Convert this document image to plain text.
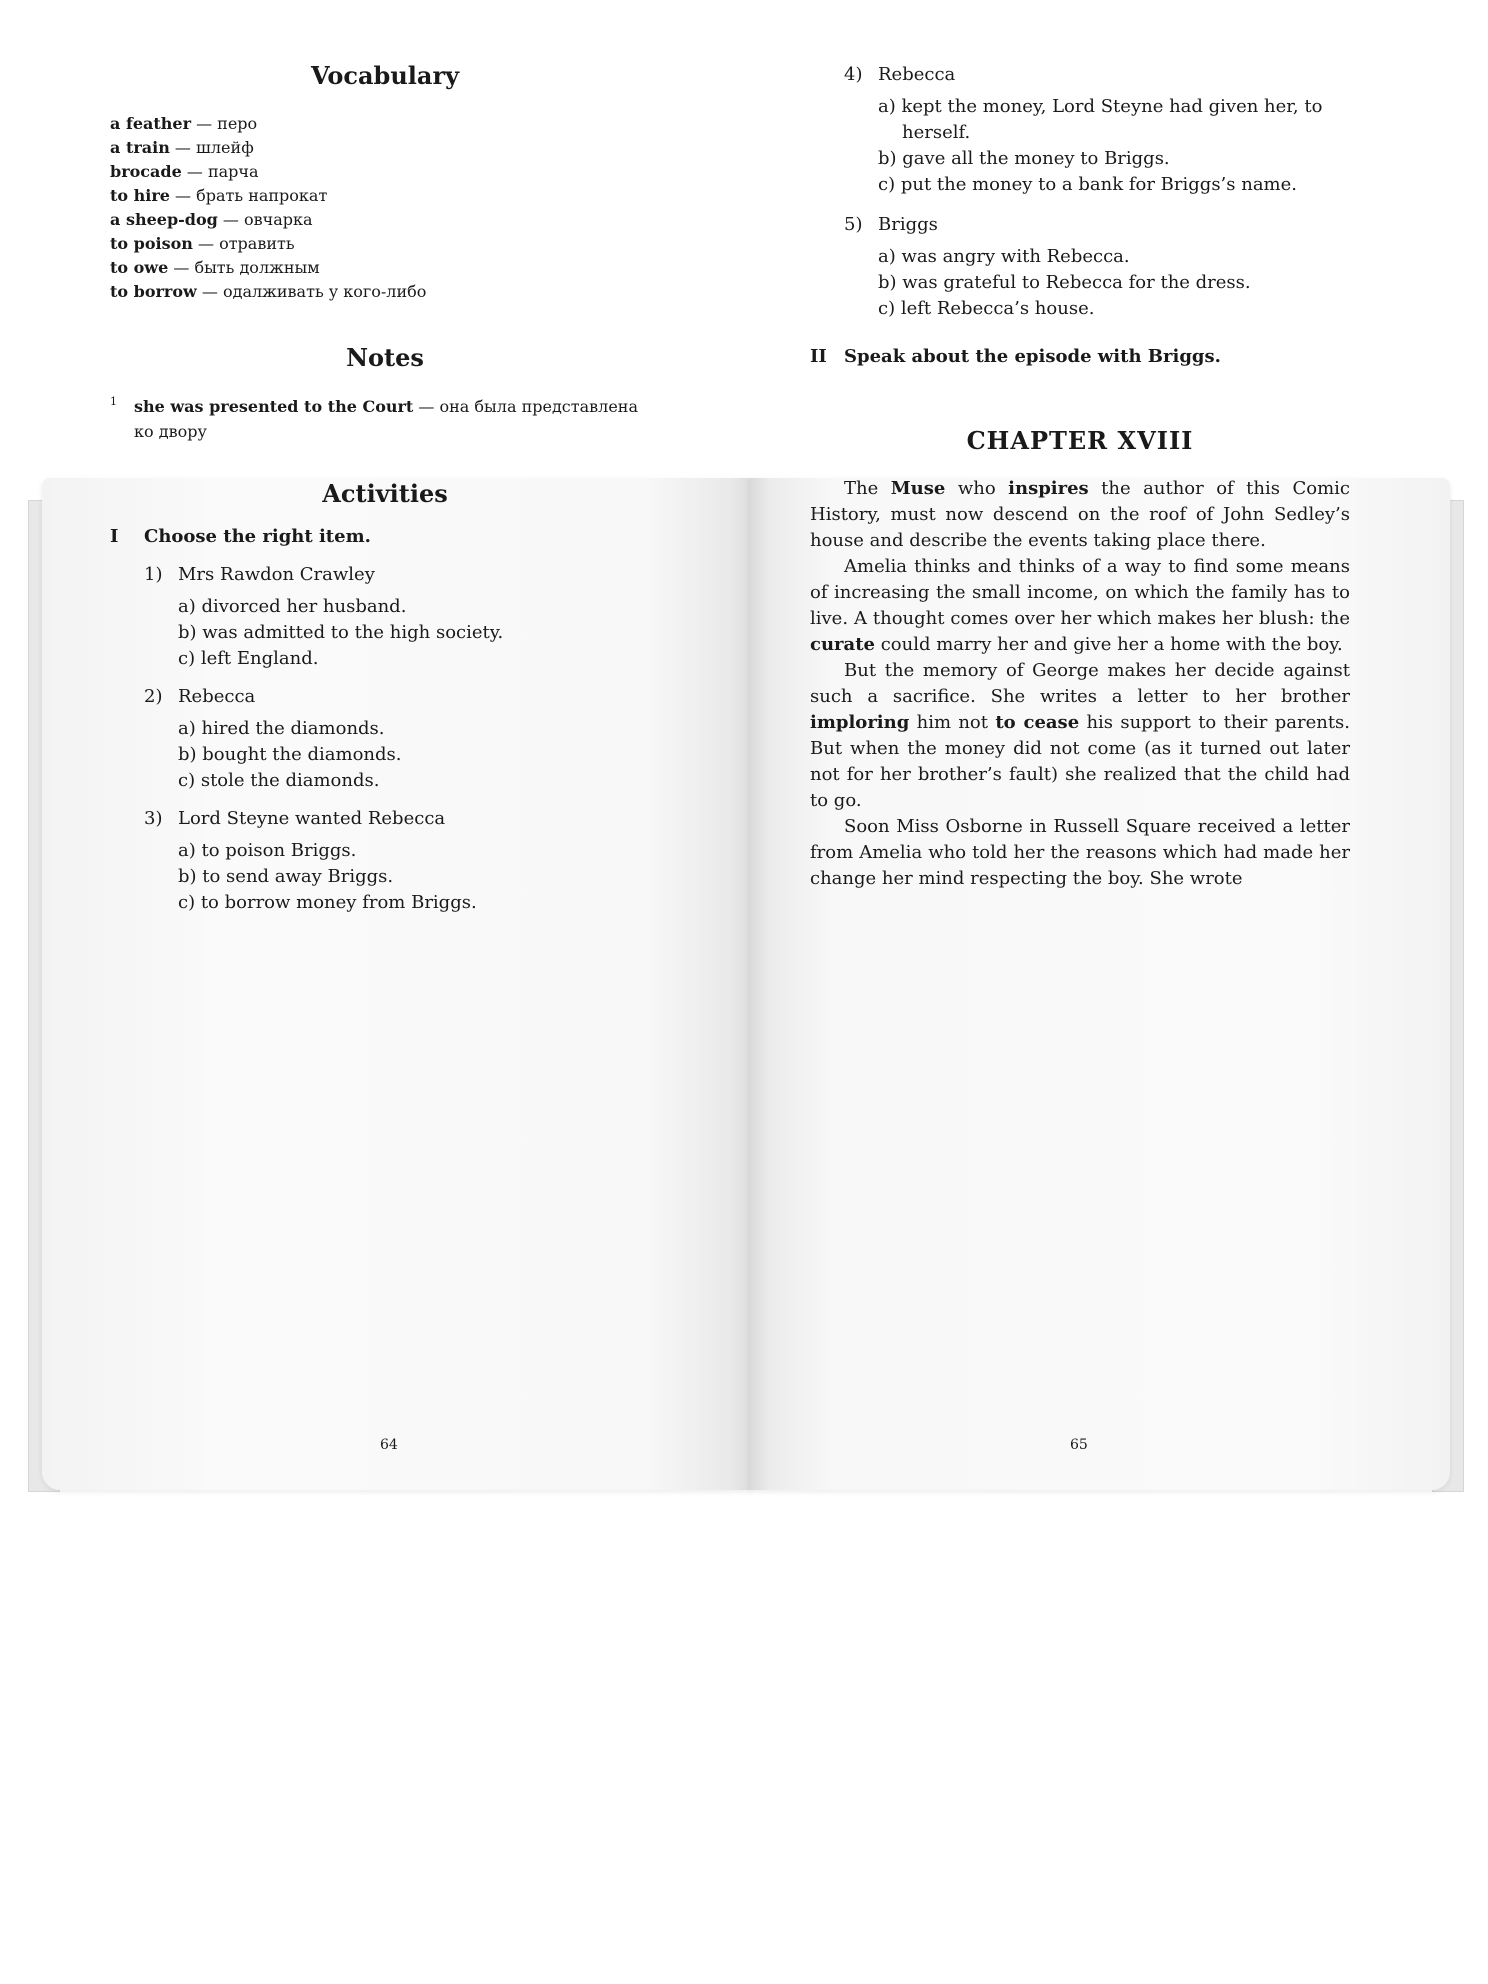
Vocabulary
a feather — перо
a train — шлейф
brocade — парча
to hire — брать напрокат
a sheep-dog — овчарка
to poison — отравить
to owe — быть должным
to borrow — одалживать у кого-либо
Notes
1	she was presented to the Court — она была представлена ко двору
Activities
I	Choose the right item.
1) Mrs Rawdon Crawley
a) divorced her husband.
b) was admitted to the high society.
c) left England.
2) Rebecca
a) hired the diamonds.
b) bought the diamonds.
c) stole the diamonds.
3) Lord Steyne wanted Rebecca
a) to poison Briggs.
b) to send away Briggs.
c) to borrow money from Briggs.
4) Rebecca
a) kept the money, Lord Steyne had given her, to herself.
b) gave all the money to Briggs.
c) put the money to a bank for Briggs’s name.
5) Briggs
a) was angry with Rebecca.
b) was grateful to Rebecca for the dress.
c) left Rebecca’s house.
II Speak about the episode with Briggs.
CHAPTER XVIII

The Muse who inspires the author of this Comic History, must now descend on the roof of John Sedley’s house and describe the events taking place there.

Amelia thinks and thinks of a way to find some means of increasing the small income, on which the family has to live. A thought comes over her which makes her blush: the curate could marry her and give her a home with the boy.

But the memory of George makes her decide against such a sacrifice. She writes a letter to her brother imploring him not to cease his support to their parents. But when the money did not come (as it turned out later not for her brother’s fault) she realized that the child had to go.

Soon Miss Osborne in Russell Square received a letter from Amelia who told her the reasons which had made her change her mind respecting the boy. She wrote

64	65
